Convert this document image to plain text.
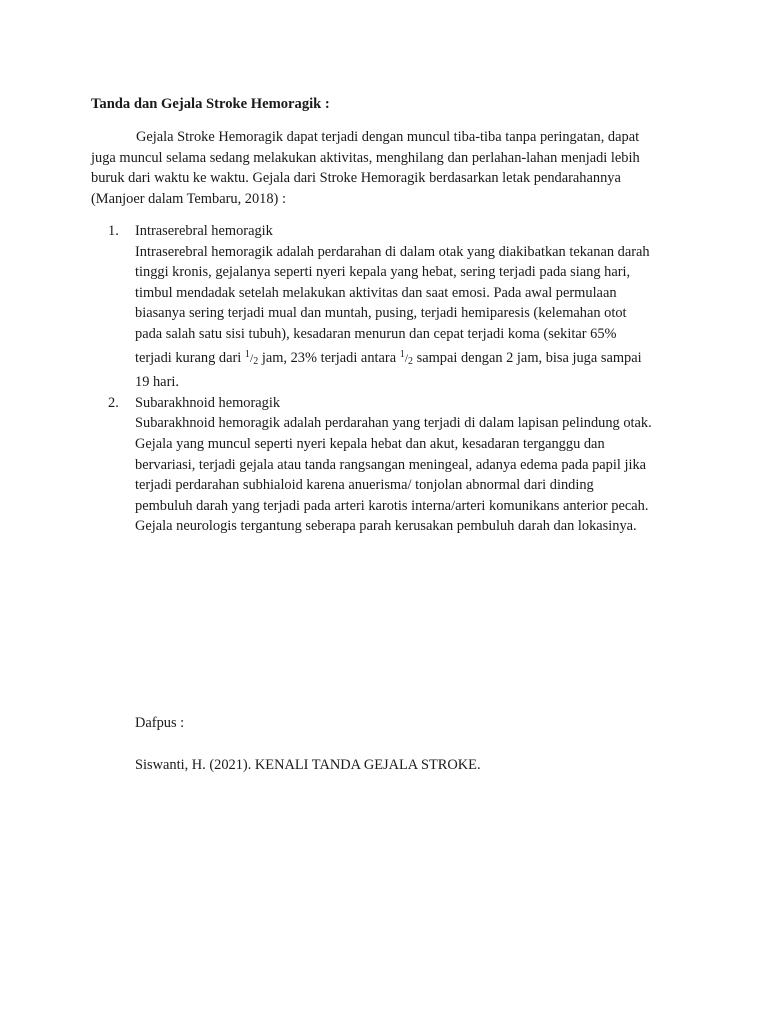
Tanda dan Gejala Stroke Hemoragik :

Gejala Stroke Hemoragik dapat terjadi dengan muncul tiba-tiba tanpa peringatan, dapat
juga muncul selama sedang melakukan aktivitas, menghilang dan perlahan-lahan menjadi lebih
buruk dari waktu ke waktu. Gejala dari Stroke Hemoragik berdasarkan letak pendarahannya
(Manjoer dalam Tembaru, 2018) :

1. Intraserebral hemoragik
Intraserebral hemoragik adalah perdarahan di dalam otak yang diakibatkan tekanan darah
tinggi kronis, gejalanya seperti nyeri kepala yang hebat, sering terjadi pada siang hari,
timbul mendadak setelah melakukan aktivitas dan saat emosi. Pada awal permulaan
biasanya sering terjadi mual dan muntah, pusing, terjadi hemiparesis (kelemahan otot
pada salah satu sisi tubuh), kesadaran menurun dan cepat terjadi koma (sekitar 65%
terjadi kurang dari $^1/_2$ jam, 23% terjadi antara $^1/_2$ sampai dengan 2 jam, bisa juga sampai
19 hari.
2. Subarakhnoid hemoragik
Subarakhnoid hemoragik adalah perdarahan yang terjadi di dalam lapisan pelindung otak.
Gejala yang muncul seperti nyeri kepala hebat dan akut, kesadaran terganggu dan
bervariasi, terjadi gejala atau tanda rangsangan meningeal, adanya edema pada papil jika
terjadi perdarahan subhialoid karena anuerisma/ tonjolan abnormal dari dinding
pembuluh darah yang terjadi pada arteri karotis interna/arteri komunikans anterior pecah.
Gejala neurologis tergantung seberapa parah kerusakan pembuluh darah dan lokasinya.
Dafpus :
Siswanti, H. (2021). KENALI TANDA GEJALA STROKE.
